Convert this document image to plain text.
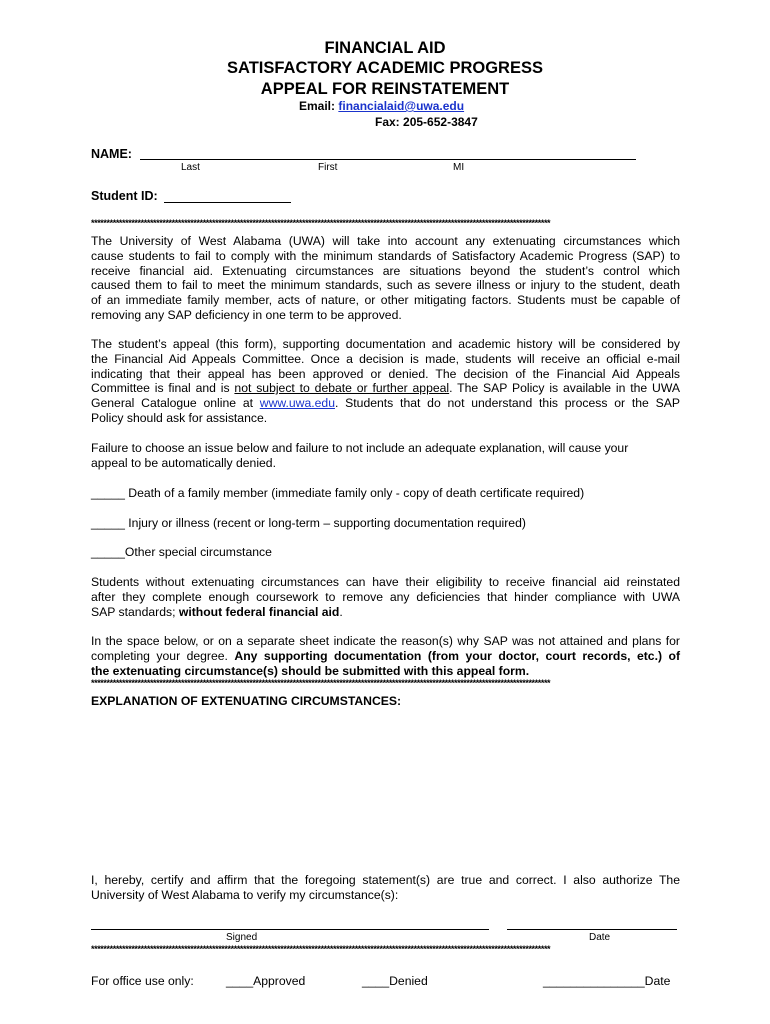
FINANCIAL AID
SATISFACTORY ACADEMIC PROGRESS
APPEAL FOR REINSTATEMENT
Email: financialaid@uwa.edu
Fax: 205-652-3847
NAME:
Last	First	MI
Student ID:
****************************************************************************************************************************************************
The University of West Alabama (UWA) will take into account any extenuating circumstances which
cause students to fail to comply with the minimum standards of Satisfactory Academic Progress (SAP) to
receive financial aid. Extenuating circumstances are situations beyond the student’s control which
caused them to fail to meet the minimum standards, such as severe illness or injury to the student, death
of an immediate family member, acts of nature, or other mitigating factors. Students must be capable of
removing any SAP deficiency in one term to be approved.
The student’s appeal (this form), supporting documentation and academic history will be considered by
the Financial Aid Appeals Committee. Once a decision is made, students will receive an official e-mail
indicating that their appeal has been approved or denied. The decision of the Financial Aid Appeals
Committee is final and is not subject to debate or further appeal. The SAP Policy is available in the UWA
General Catalogue online at www.uwa.edu. Students that do not understand this process or the SAP
Policy should ask for assistance.
Failure to choose an issue below and failure to not include an adequate explanation, will cause your
appeal to be automatically denied.
_____ Death of a family member (immediate family only - copy of death certificate required)
_____ Injury or illness (recent or long-term – supporting documentation required)
_____Other special circumstance
Students without extenuating circumstances can have their eligibility to receive financial aid reinstated
after they complete enough coursework to remove any deficiencies that hinder compliance with UWA
SAP standards; without federal financial aid.
In the space below, or on a separate sheet indicate the reason(s) why SAP was not attained and plans for
completing your degree. Any supporting documentation (from your doctor, court records, etc.) of
the extenuating circumstance(s) should be submitted with this appeal form.
****************************************************************************************************************************************************
EXPLANATION OF EXTENUATING CIRCUMSTANCES:
I, hereby, certify and affirm that the foregoing statement(s) are true and correct. I also authorize The
University of West Alabama to verify my circumstance(s):
Signed	Date
****************************************************************************************************************************************************
For office use only:	____Approved	____Denied	_______________Date
